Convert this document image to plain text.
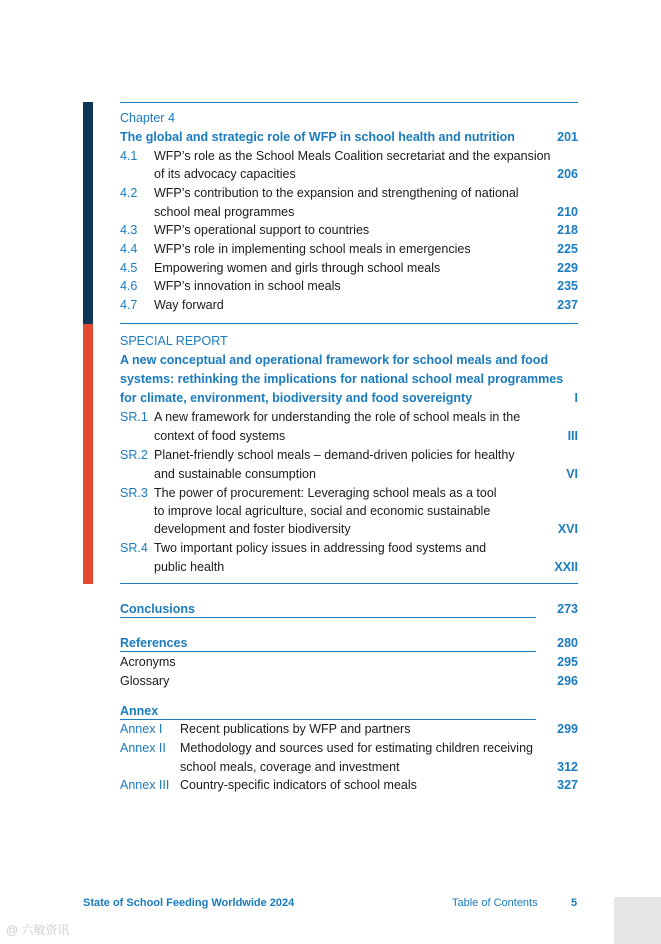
Chapter 4
The global and strategic role of WFP in school health and nutrition	201
4.1	WFP’s role as the School Meals Coalition secretariat and the expansion
of its advocacy capacities	206
4.2	WFP’s contribution to the expansion and strengthening of national
school meal programmes	210
4.3	WFP’s operational support to countries	218
4.4	WFP’s role in implementing school meals in emergencies	225
4.5	Empowering women and girls through school meals	229
4.6	WFP’s innovation in school meals	235
4.7	Way forward	237
SPECIAL REPORT
A new conceptual and operational framework for school meals and food
systems: rethinking the implications for national school meal programmes
for climate, environment, biodiversity and food sovereignty	I
SR.1 A new framework for understanding the role of school meals in the
context of food systems	III
SR.2 Planet-friendly school meals – demand-driven policies for healthy
and sustainable consumption	VI
SR.3 The power of procurement: Leveraging school meals as a tool
to improve local agriculture, social and economic sustainable
development and foster biodiversity	XVI
SR.4 Two important policy issues in addressing food systems and
public health	XXII
Conclusions	273
References	280
Acronyms	295
Glossary	296
Annex
Annex I Recent publications by WFP and partners	299
Annex II Methodology and sources used for estimating children receiving
school meals, coverage and investment	312
Annex III Country-specific indicators of school meals	327
State of School Feeding Worldwide 2024	Table of Contents	5
@ 六敏资讯
